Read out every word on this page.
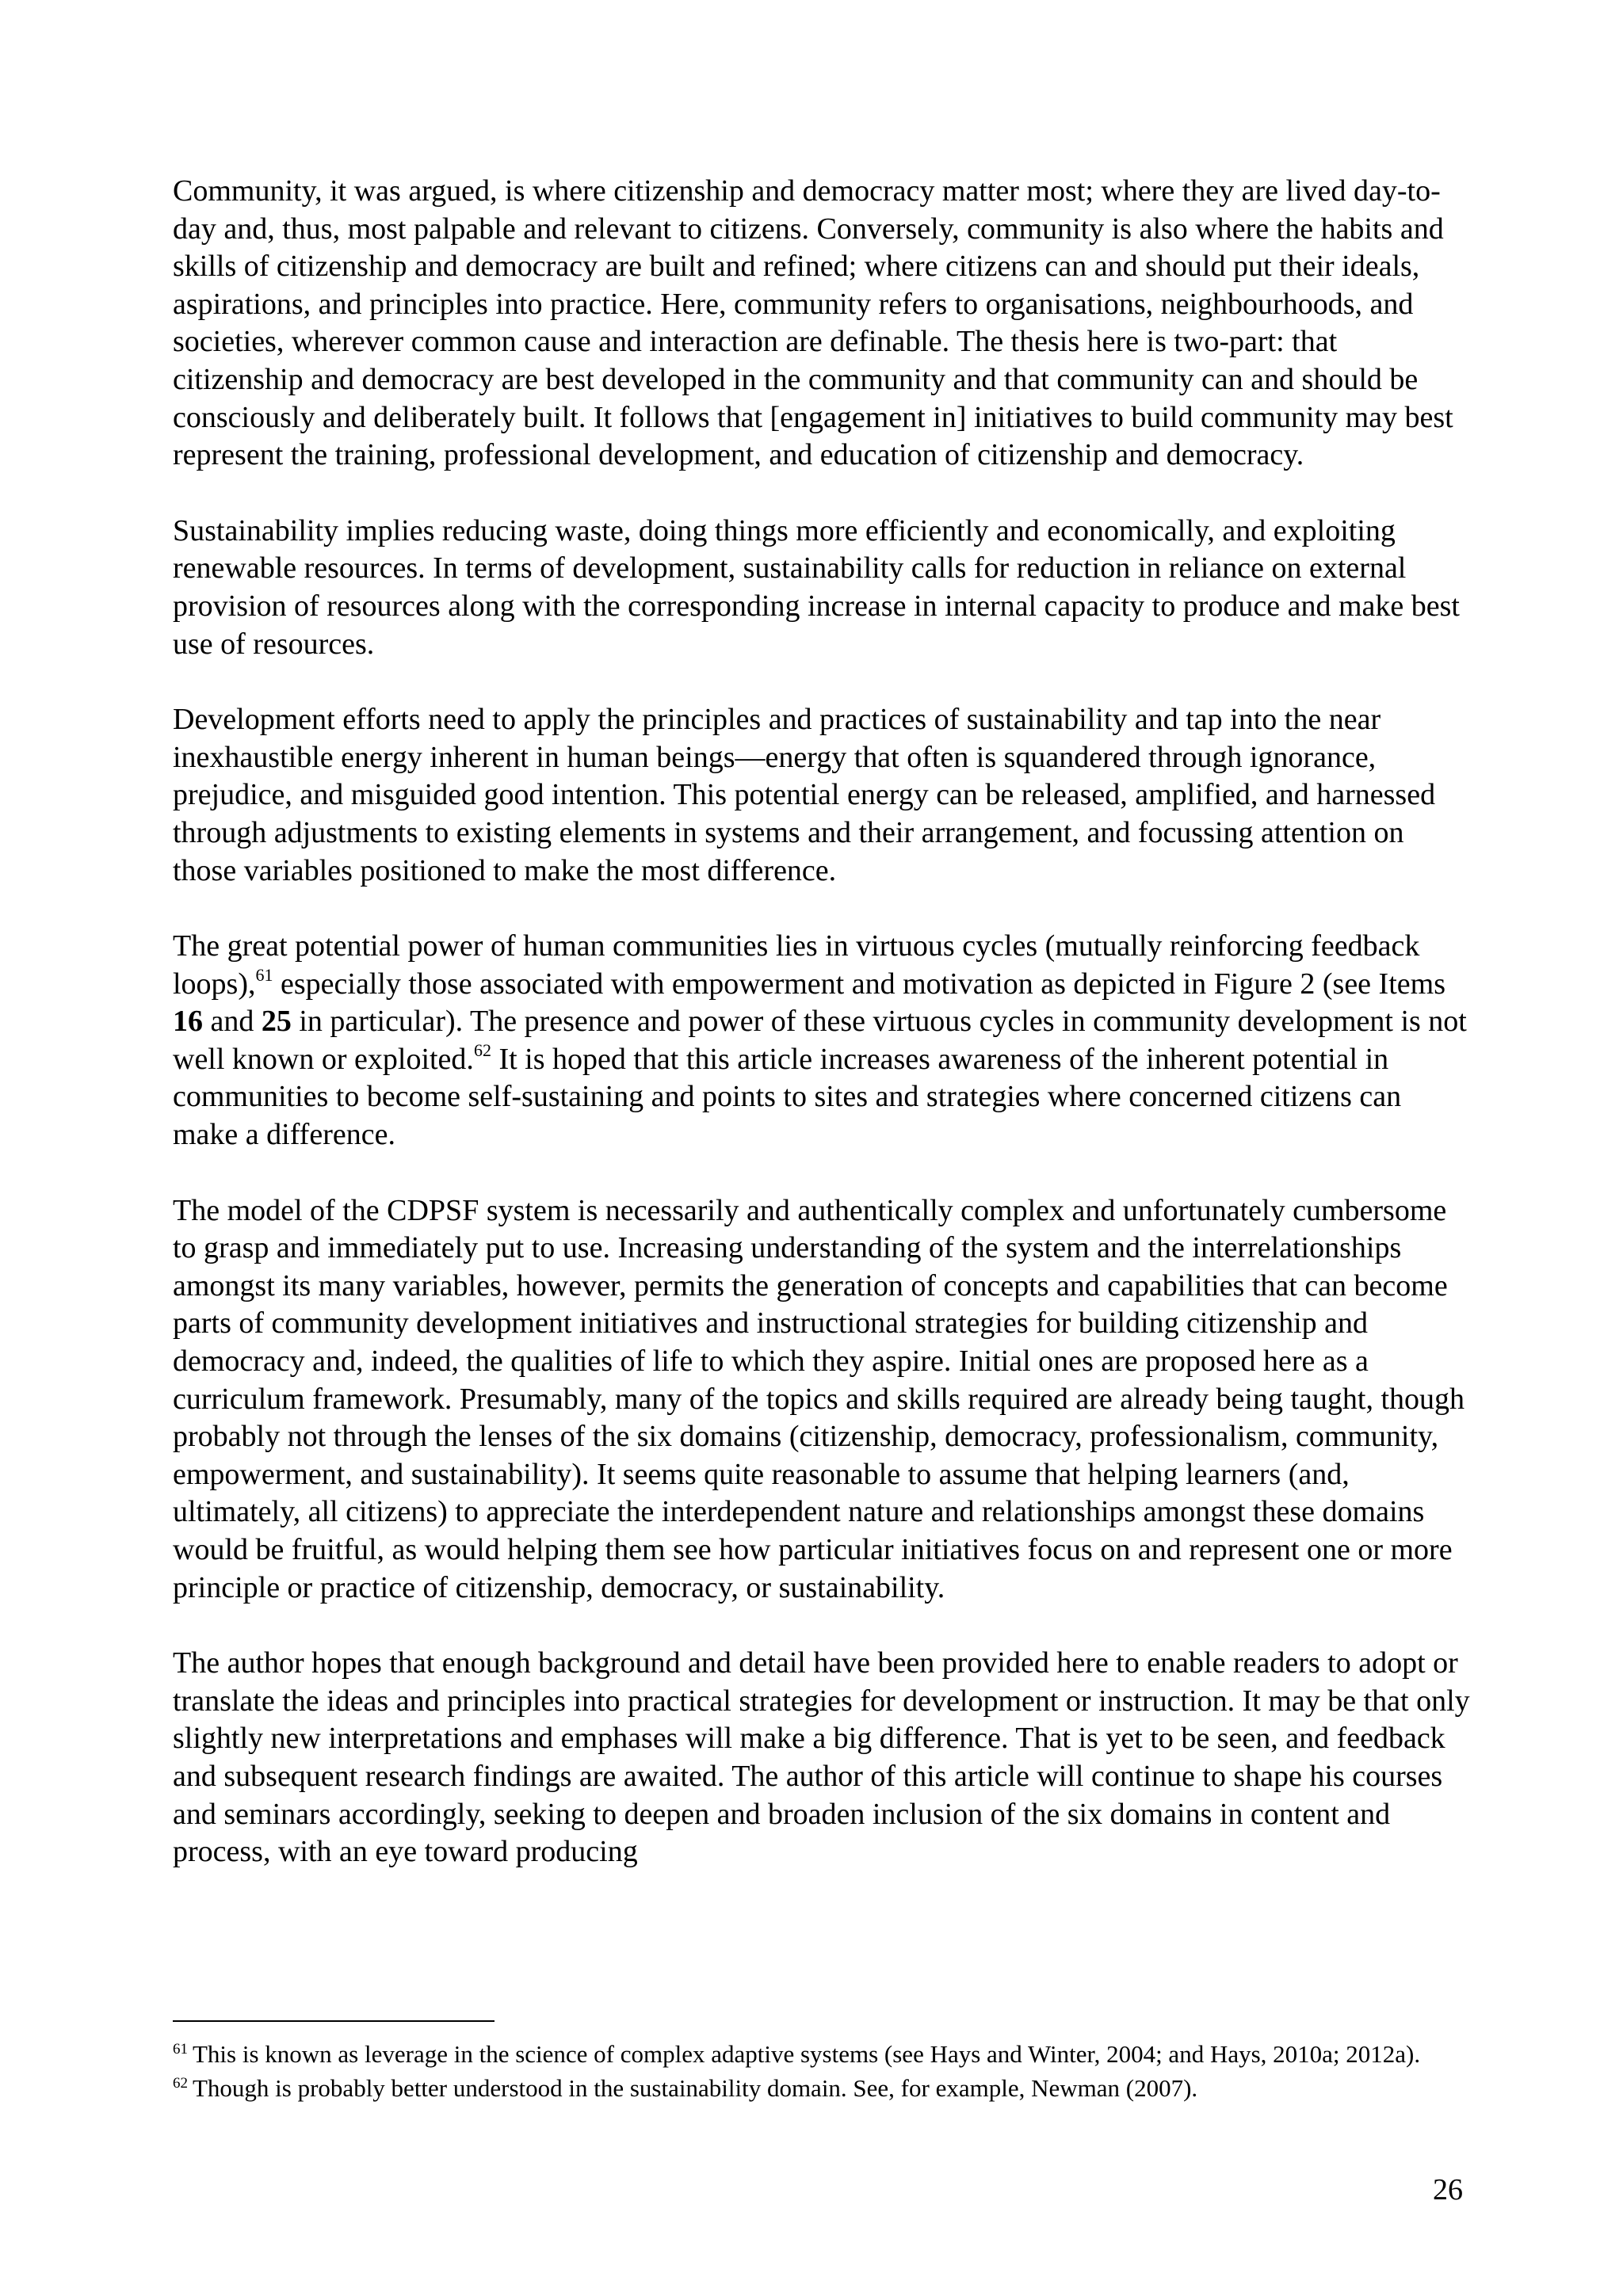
Community, it was argued, is where citizenship and democracy matter most; where they are lived day-to-day and, thus, most palpable and relevant to citizens. Conversely, community is also where the habits and skills of citizenship and democracy are built and refined; where citizens can and should put their ideals, aspirations, and principles into practice. Here, community refers to organisations, neighbourhoods, and societies, wherever common cause and interaction are definable. The thesis here is two-part: that citizenship and democracy are best developed in the community and that community can and should be consciously and deliberately built. It follows that [engagement in] initiatives to build community may best represent the training, professional development, and education of citizenship and democracy.

Sustainability implies reducing waste, doing things more efficiently and economically, and exploiting renewable resources. In terms of development, sustainability calls for reduction in reliance on external provision of resources along with the corresponding increase in internal capacity to produce and make best use of resources.

Development efforts need to apply the principles and practices of sustainability and tap into the near inexhaustible energy inherent in human beings—energy that often is squandered through ignorance, prejudice, and misguided good intention. This potential energy can be released, amplified, and harnessed through adjustments to existing elements in systems and their arrangement, and focussing attention on those variables positioned to make the most difference.

The great potential power of human communities lies in virtuous cycles (mutually reinforcing feedback loops),$^{61}$ especially those associated with empowerment and motivation as depicted in Figure 2 (see Items 16 and 25 in particular). The presence and power of these virtuous cycles in community development is not well known or exploited.$^{62}$ It is hoped that this article increases awareness of the inherent potential in communities to become self-sustaining and points to sites and strategies where concerned citizens can make a difference.

The model of the CDPSF system is necessarily and authentically complex and unfortunately cumbersome to grasp and immediately put to use. Increasing understanding of the system and the interrelationships amongst its many variables, however, permits the generation of concepts and capabilities that can become parts of community development initiatives and instructional strategies for building citizenship and democracy and, indeed, the qualities of life to which they aspire. Initial ones are proposed here as a curriculum framework. Presumably, many of the topics and skills required are already being taught, though probably not through the lenses of the six domains (citizenship, democracy, professionalism, community, empowerment, and sustainability). It seems quite reasonable to assume that helping learners (and, ultimately, all citizens) to appreciate the interdependent nature and relationships amongst these domains would be fruitful, as would helping them see how particular initiatives focus on and represent one or more principle or practice of citizenship, democracy, or sustainability.

The author hopes that enough background and detail have been provided here to enable readers to adopt or translate the ideas and principles into practical strategies for development or instruction. It may be that only slightly new interpretations and emphases will make a big difference. That is yet to be seen, and feedback and subsequent research findings are awaited. The author of this article will continue to shape his courses and seminars accordingly, seeking to deepen and broaden inclusion of the six domains in content and process, with an eye toward producing

$^{61}$ This is known as leverage in the science of complex adaptive systems (see Hays and Winter, 2004; and Hays, 2010a; 2012a).

$^{62}$ Though is probably better understood in the sustainability domain. See, for example, Newman (2007).

26
